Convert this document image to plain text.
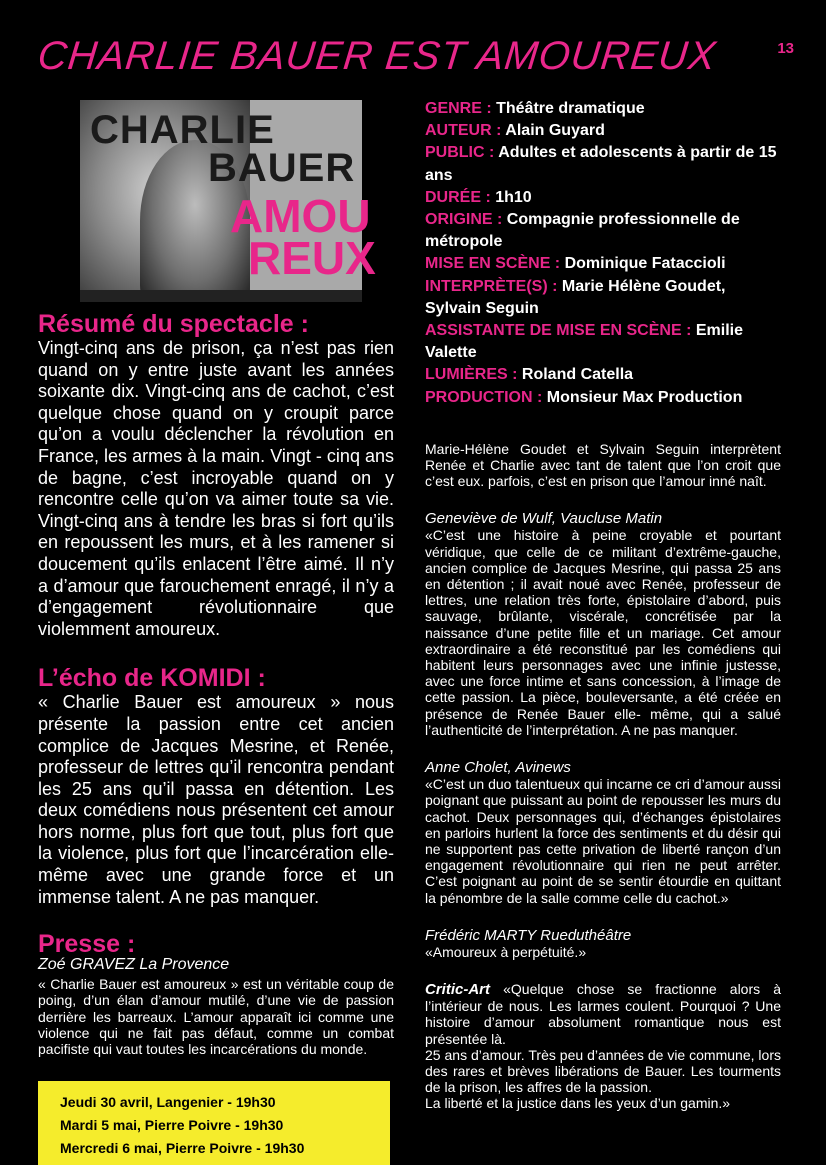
CHARLIE BAUER EST AMOUREUX	13
CHARLIE
BAUER
AMOU
REUX
Résumé du spectacle :

Vingt-cinq ans de prison, ça n’est pas rien quand on y entre juste avant les années soixante dix. Vingt-cinq ans de cachot, c’est quelque chose quand on y croupit parce qu’on a voulu déclencher la révolution en France, les armes à la main. Vingt - cinq ans de bagne, c’est incroyable quand on y rencontre celle qu’on va aimer toute sa vie. Vingt-cinq ans à tendre les bras si fort qu’ils en repoussent les murs, et à les ramener si doucement qu’ils enlacent l’être aimé. Il n’y a d’amour que farouchement enragé, il n’y a d’engagement révolutionnaire que violemment amoureux.

L’écho de KOMIDI :

« Charlie Bauer est amoureux » nous présente la passion entre cet ancien complice de Jacques Mesrine, et Renée, professeur de lettres qu’il rencontra pendant les 25 ans qu’il passa en détention. Les deux comédiens nous présentent cet amour hors norme, plus fort que tout, plus fort que la violence, plus fort que l’incarcération elle-même avec une grande force et un immense talent. A ne pas manquer.

Presse :
Zoé GRAVEZ La Provence

« Charlie Bauer est amoureux » est un véritable coup de poing, d’un élan d’amour mutilé, d’une vie de passion derrière les barreaux. L’amour apparaît ici comme une violence qui ne fait pas défaut, comme un combat pacifiste qui vaut toutes les incarcérations du monde.

Jeudi 30 avril, Langenier - 19h30
Mardi 5 mai, Pierre Poivre - 19h30
Mercredi 6 mai, Pierre Poivre - 19h30
GENRE : Théâtre dramatique
AUTEUR : Alain Guyard
PUBLIC : Adultes et adolescents à partir de 15 ans
DURÉE : 1h10
ORIGINE : Compagnie professionnelle de métropole
MISE EN SCÈNE : Dominique Fataccioli
INTERPRÈTE(S) : Marie Hélène Goudet, Sylvain Seguin
ASSISTANTE DE MISE EN SCÈNE : Emilie Valette
LUMIÈRES : Roland Catella
PRODUCTION : Monsieur Max Production

Marie-Hélène Goudet et Sylvain Seguin interprètent Renée et Charlie avec tant de talent que l’on croit que c’est eux. parfois, c’est en prison que l’amour inné naît.

Geneviève de Wulf, Vaucluse Matin

«C’est une histoire à peine croyable et pourtant véridique, que celle de ce militant d’extrême-gauche, ancien complice de Jacques Mesrine, qui passa 25 ans en détention ; il avait noué avec Renée, professeur de lettres, une relation très forte, épistolaire d’abord, puis sauvage, brûlante, viscérale, concrétisée par la naissance d’une petite fille et un mariage. Cet amour extraordinaire a été reconstitué par les comédiens qui habitent leurs personnages avec une infinie justesse, avec une force intime et sans concession, à l’image de cette passion. La pièce, bouleversante, a été créée en présence de Renée Bauer elle- même, qui a salué l’authenticité de l’interprétation. A ne pas manquer.

Anne Cholet, Avinews

«C’est un duo talentueux qui incarne ce cri d’amour aussi poignant que puissant au point de repousser les murs du cachot. Deux personnages qui, d’échanges épistolaires en parloirs hurlent la force des sentiments et du désir qui ne supportent pas cette privation de liberté rançon d’un engagement révolutionnaire qui rien ne peut arrêter. C’est poignant au point de se sentir étourdie en quittant la pénombre de la salle comme celle du cachot.»

Frédéric MARTY Rueduthéâtre

«Amoureux à perpétuité.»

Critic-Art «Quelque chose se fractionne alors à l’intérieur de nous. Les larmes coulent. Pourquoi ? Une histoire d’amour absolument romantique nous est présentée là.

25 ans d’amour. Très peu d’années de vie commune, lors des rares et brèves libérations de Bauer. Les tourments de la prison, les affres de la passion.

La liberté et la justice dans les yeux d’un gamin.»
